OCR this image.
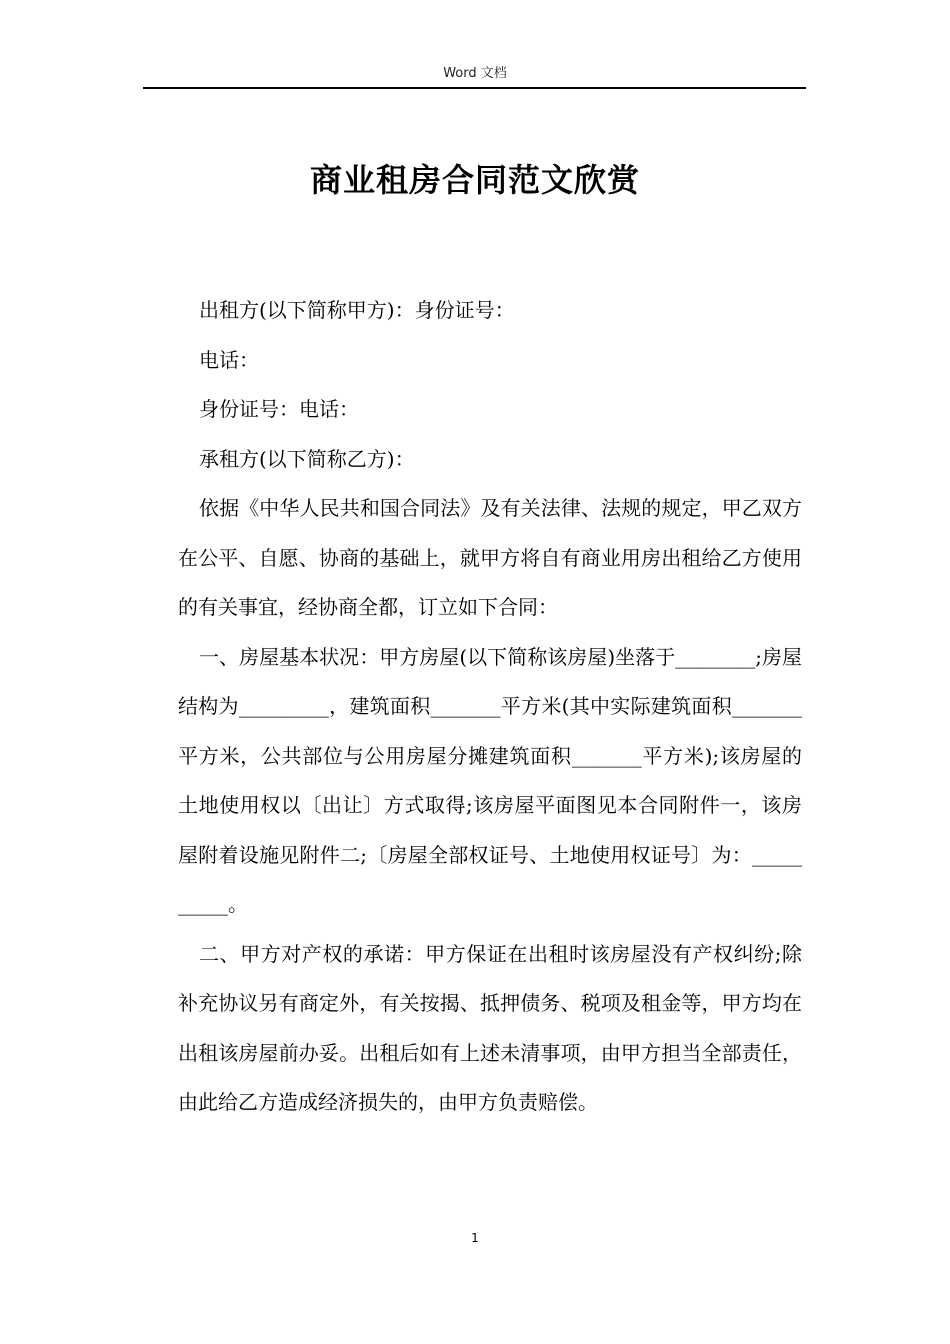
Word 文档
商业租房合同范文欣赏

出租方(以下简称甲方)：身份证号：

电话：

身份证号：电话：

承租方(以下简称乙方)：

依据《中华人民共和国合同法》及有关法律、法规的规定，甲乙双方在公平、自愿、协商的基础上，就甲方将自有商业用房出租给乙方使用的有关事宜，经协商全都，订立如下合同：

一、房屋基本状况：甲方房屋(以下简称该房屋)坐落于________;房屋结构为_________，建筑面积_______平方米(其中实际建筑面积_______平方米，公共部位与公用房屋分摊建筑面积_______平方米);该房屋的土地使用权以〔出让〕方式取得;该房屋平面图见本合同附件一，该房屋附着设施见附件二;〔房屋全部权证号、土地使用权证号〕为：__________。

二、甲方对产权的承诺：甲方保证在出租时该房屋没有产权纠纷;除补充协议另有商定外，有关按揭、抵押债务、税项及租金等，甲方均在出租该房屋前办妥。出租后如有上述未清事项，由甲方担当全部责任，由此给乙方造成经济损失的，由甲方负责赔偿。

1
